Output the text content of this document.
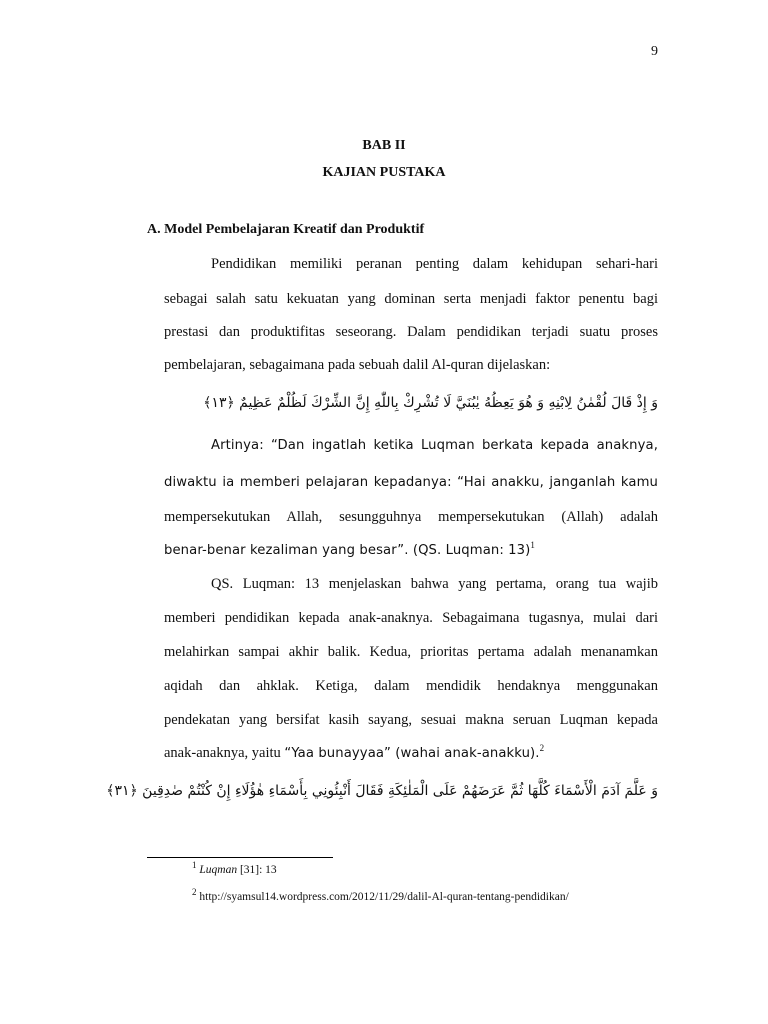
9
BAB II
KAJIAN PUSTAKA
A. Model Pembelajaran Kreatif dan Produktif
Pendidikan memiliki peranan penting dalam kehidupan sehari-hari
sebagai salah satu kekuatan yang dominan serta menjadi faktor penentu bagi
prestasi dan produktifitas seseorang. Dalam pendidikan terjadi suatu proses
pembelajaran, sebagaimana pada sebuah dalil Al-quran dijelaskan:
وَ إِذْ قَالَ لُقْمٰنُ لِابْنِهِ وَ هُوَ يَعِظُهُ يٰبُنَيَّ لَا تُشْرِكْ بِاللّٰهِ إِنَّ الشِّرْكَ لَظُلْمٌ عَظِيمٌ ﴿١٣﴾
Artinya: “Dan ingatlah ketika Luqman berkata kepada anaknya,
diwaktu ia memberi pelajaran kepadanya: “Hai anakku, janganlah kamu
mempersekutukan Allah, sesungguhnya mempersekutukan (Allah) adalah
benar-benar kezaliman yang besar”. (QS. Luqman: 13)$^1$
QS. Luqman: 13 menjelaskan bahwa yang pertama, orang tua wajib
memberi pendidikan kepada anak-anaknya. Sebagaimana tugasnya, mulai dari
melahirkan sampai akhir balik. Kedua, prioritas pertama adalah menanamkan
aqidah dan ahklak. Ketiga, dalam mendidik hendaknya menggunakan
pendekatan yang bersifat kasih sayang, sesuai makna seruan Luqman kepada
anak-anaknya, yaitu “Yaa bunayyaa” (wahai anak-anakku).$^2$
وَ عَلَّمَ آدَمَ الْأَسْمَاءَ كُلَّهَا ثُمَّ عَرَضَهُمْ عَلَى الْمَلٰئِكَةِ فَقَالَ أَنْبِئُونِي بِأَسْمَاءِ هٰؤُلَاءِ إِنْ كُنْتُمْ صٰدِقِينَ ﴿٣١﴾
$^1$ Luqman [31]: 13
$^2$ http://syamsul14.wordpress.com/2012/11/29/dalil-Al-quran-tentang-pendidikan/
